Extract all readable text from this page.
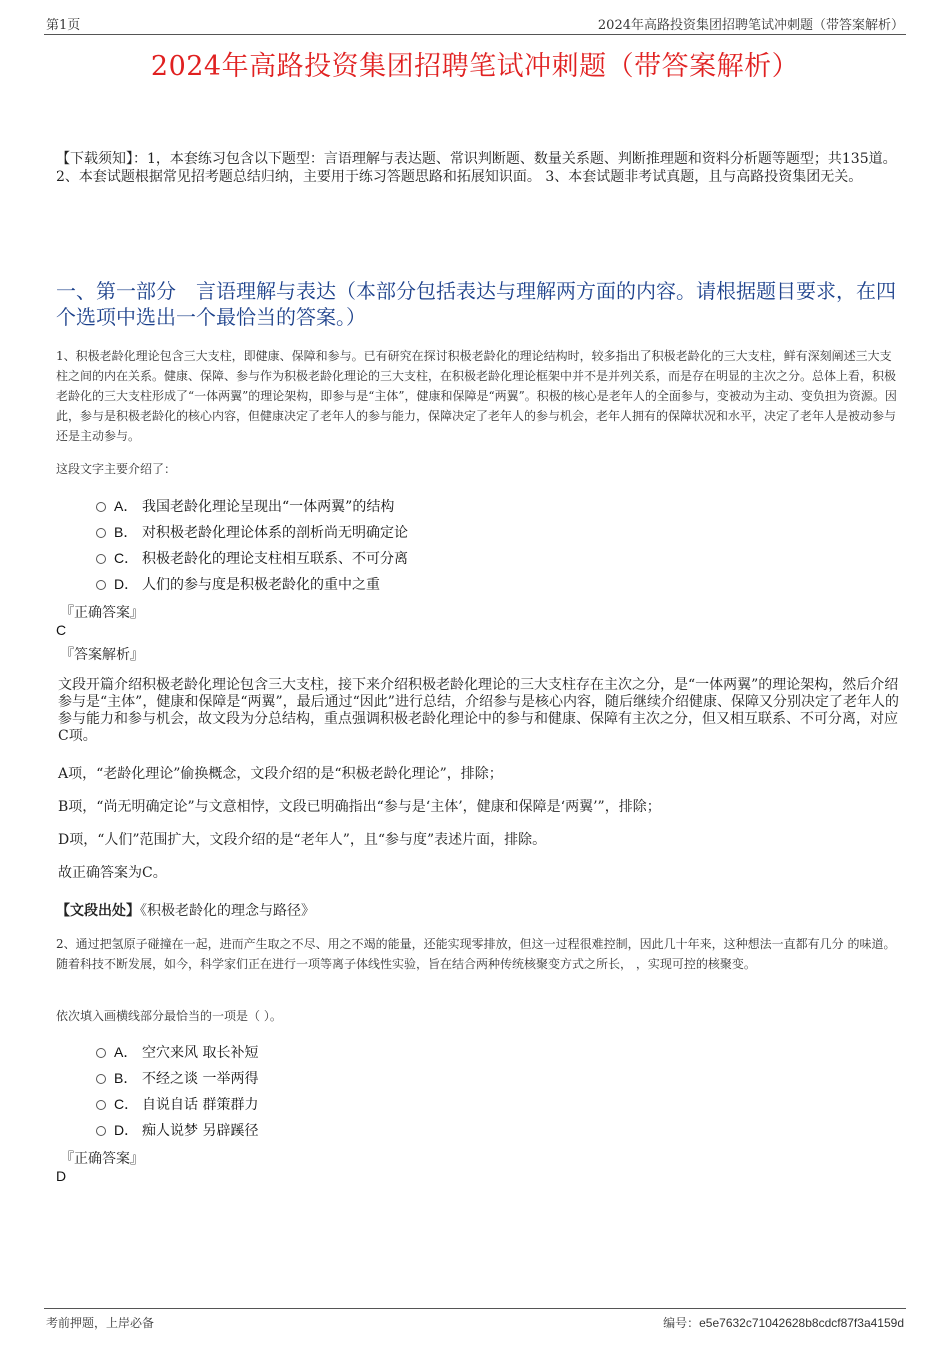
第1页	2024年高路投资集团招聘笔试冲刺题（带答案解析）
2024年高路投资集团招聘笔试冲刺题（带答案解析）
【下载须知】：1，本套练习包含以下题型：言语理解与表达题、常识判断题、数量关系题、判断推理题和资料分析题等题型；共135道。 2、本套试题根据常见招考题总结归纳，主要用于练习答题思路和拓展知识面。 3、本套试题非考试真题，且与高路投资集团无关。
一、第一部分　言语理解与表达（本部分包括表达与理解两方面的内容。请根据题目要求，在四个选项中选出一个最恰当的答案。）
1、积极老龄化理论包含三大支柱，即健康、保障和参与。已有研究在探讨积极老龄化的理论结构时，较多指出了积极老龄化的三大支柱，鲜有深刻阐述三大支柱之间的内在关系。健康、保障、参与作为积极老龄化理论的三大支柱，在积极老龄化理论框架中并不是并列关系，而是存在明显的主次之分。总体上看，积极老龄化的三大支柱形成了“一体两翼”的理论架构，即参与是“主体”，健康和保障是“两翼”。积极的核心是老年人的全面参与，变被动为主动、变负担为资源。因此，参与是积极老龄化的核心内容，但健康决定了老年人的参与能力，保障决定了老年人的参与机会，老年人拥有的保障状况和水平，决定了老年人是被动参与还是主动参与。
这段文字主要介绍了：
A． 我国老龄化理论呈现出“一体两翼”的结构
B． 对积极老龄化理论体系的剖析尚无明确定论
C． 积极老龄化的理论支柱相互联系、不可分离
D． 人们的参与度是积极老龄化的重中之重
『正确答案』
C
『答案解析』
文段开篇介绍积极老龄化理论包含三大支柱，接下来介绍积极老龄化理论的三大支柱存在主次之分，是“一体两翼”的理论架构，然后介绍参与是“主体”，健康和保障是“两翼”，最后通过“因此”进行总结，介绍参与是核心内容，随后继续介绍健康、保障又分别决定了老年人的参与能力和参与机会，故文段为分总结构，重点强调积极老龄化理论中的参与和健康、保障有主次之分，但又相互联系、不可分离，对应C项。
A项，“老龄化理论”偷换概念，文段介绍的是“积极老龄化理论”，排除；
B项，“尚无明确定论”与文意相悖，文段已明确指出“参与是‘主体’，健康和保障是‘两翼’”，排除；
D项，“人们”范围扩大，文段介绍的是“老年人”，且“参与度”表述片面，排除。
故正确答案为C。
【文段出处】《积极老龄化的理念与路径》
2、通过把氢原子碰撞在一起，进而产生取之不尽、用之不竭的能量，还能实现零排放，但这一过程很难控制，因此几十年来，这种想法一直都有几分 的味道。随着科技不断发展，如今，科学家们正在进行一项等离子体线性实验，旨在结合两种传统核聚变方式之所长， ，实现可控的核聚变。
依次填入画横线部分最恰当的一项是（ ）。
A． 空穴来风 取长补短
B． 不经之谈 一举两得
C． 自说自话 群策群力
D． 痴人说梦 另辟蹊径
『正确答案』
D
考前押题，上岸必备	编号：e5e7632c71042628b8cdcf87f3a4159d
